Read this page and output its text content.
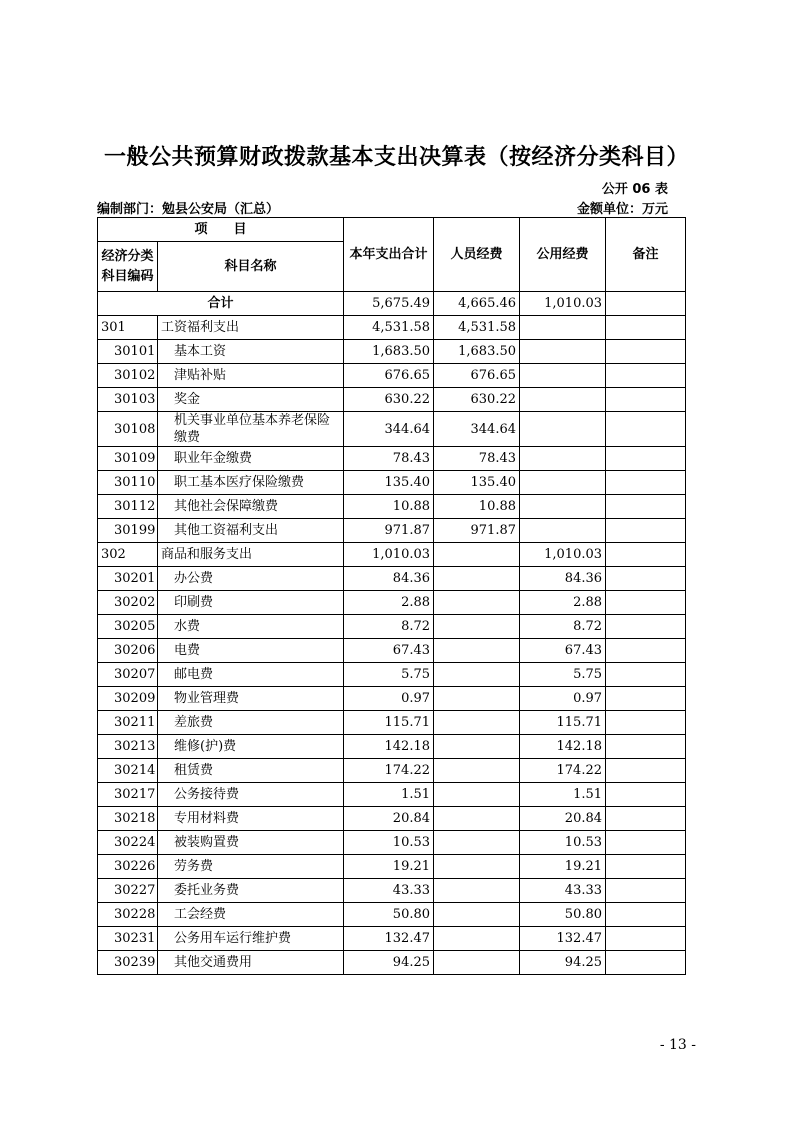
一般公共预算财政拨款基本支出决算表（按经济分类科目）
公开 06 表
编制部门：勉县公安局（汇总）	金额单位：万元
项　　目		本年支出合计	人员经费	公用经费	备注
经济分类科目编码	科目名称				
合计		5,675.49	4,665.46	1,010.03	
301	工资福利支出	4,531.58	4,531.58		
30101	基本工资	1,683.50	1,683.50		
30102	津贴补贴	676.65	676.65		
30103	奖金	630.22	630.22		
30108	机关事业单位基本养老保险缴费	344.64	344.64		
30109	职业年金缴费	78.43	78.43		
30110	职工基本医疗保险缴费	135.40	135.40		
30112	其他社会保障缴费	10.88	10.88		
30199	其他工资福利支出	971.87	971.87		
302	商品和服务支出	1,010.03		1,010.03	
30201	办公费	84.36		84.36	
30202	印刷费	2.88		2.88	
30205	水费	8.72		8.72	
30206	电费	67.43		67.43	
30207	邮电费	5.75		5.75	
30209	物业管理费	0.97		0.97	
30211	差旅费	115.71		115.71	
30213	维修(护)费	142.18		142.18	
30214	租赁费	174.22		174.22	
30217	公务接待费	1.51		1.51	
30218	专用材料费	20.84		20.84	
30224	被装购置费	10.53		10.53	
30226	劳务费	19.21		19.21	
30227	委托业务费	43.33		43.33	
30228	工会经费	50.80		50.80	
30231	公务用车运行维护费	132.47		132.47	
30239	其他交通费用	94.25		94.25	
- 13 -
